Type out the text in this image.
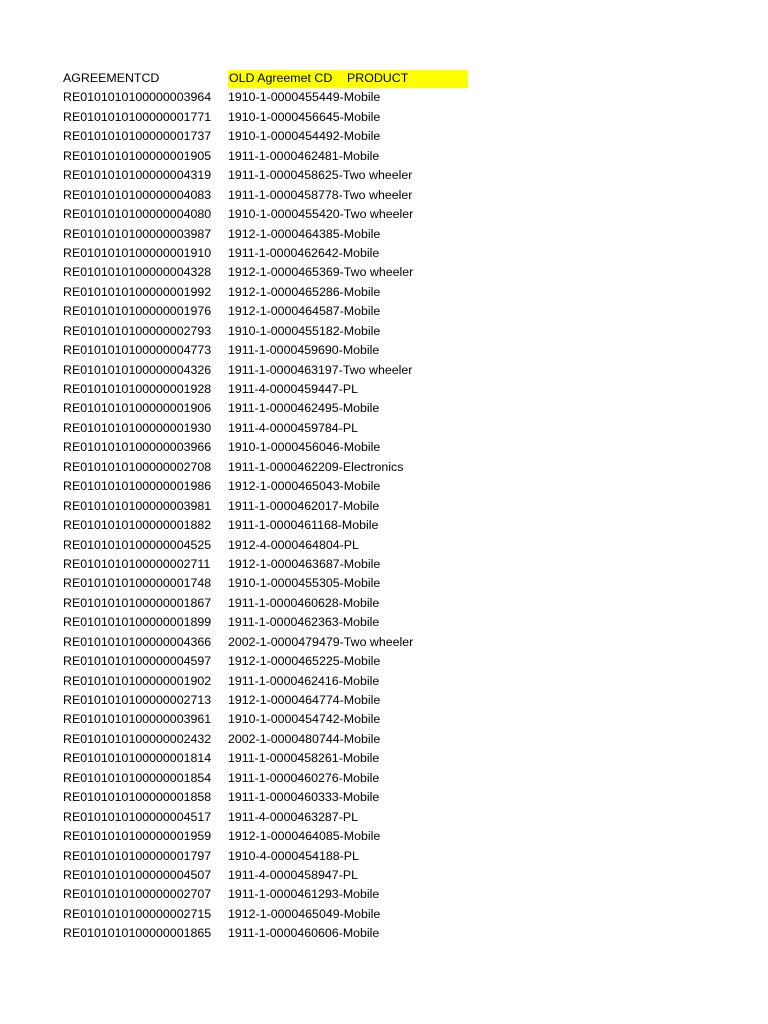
AGREEMENTCD	OLD Agreemet CD PRODUCT
RE0101010100000003964	1910-1-0000455449-Mobile
RE0101010100000001771	1910-1-0000456645-Mobile
RE0101010100000001737	1910-1-0000454492-Mobile
RE0101010100000001905	1911-1-0000462481-Mobile
RE0101010100000004319	1911-1-0000458625-Two wheeler
RE0101010100000004083	1911-1-0000458778-Two wheeler
RE0101010100000004080	1910-1-0000455420-Two wheeler
RE0101010100000003987	1912-1-0000464385-Mobile
RE0101010100000001910	1911-1-0000462642-Mobile
RE0101010100000004328	1912-1-0000465369-Two wheeler
RE0101010100000001992	1912-1-0000465286-Mobile
RE0101010100000001976	1912-1-0000464587-Mobile
RE0101010100000002793	1910-1-0000455182-Mobile
RE0101010100000004773	1911-1-0000459690-Mobile
RE0101010100000004326	1911-1-0000463197-Two wheeler
RE0101010100000001928	1911-4-0000459447-PL
RE0101010100000001906	1911-1-0000462495-Mobile
RE0101010100000001930	1911-4-0000459784-PL
RE0101010100000003966	1910-1-0000456046-Mobile
RE0101010100000002708	1911-1-0000462209-Electronics
RE0101010100000001986	1912-1-0000465043-Mobile
RE0101010100000003981	1911-1-0000462017-Mobile
RE0101010100000001882	1911-1-0000461168-Mobile
RE0101010100000004525	1912-4-0000464804-PL
RE0101010100000002711	1912-1-0000463687-Mobile
RE0101010100000001748	1910-1-0000455305-Mobile
RE0101010100000001867	1911-1-0000460628-Mobile
RE0101010100000001899	1911-1-0000462363-Mobile
RE0101010100000004366	2002-1-0000479479-Two wheeler
RE0101010100000004597	1912-1-0000465225-Mobile
RE0101010100000001902	1911-1-0000462416-Mobile
RE0101010100000002713	1912-1-0000464774-Mobile
RE0101010100000003961	1910-1-0000454742-Mobile
RE0101010100000002432	2002-1-0000480744-Mobile
RE0101010100000001814	1911-1-0000458261-Mobile
RE0101010100000001854	1911-1-0000460276-Mobile
RE0101010100000001858	1911-1-0000460333-Mobile
RE0101010100000004517	1911-4-0000463287-PL
RE0101010100000001959	1912-1-0000464085-Mobile
RE0101010100000001797	1910-4-0000454188-PL
RE0101010100000004507	1911-4-0000458947-PL
RE0101010100000002707	1911-1-0000461293-Mobile
RE0101010100000002715	1912-1-0000465049-Mobile
RE0101010100000001865	1911-1-0000460606-Mobile
